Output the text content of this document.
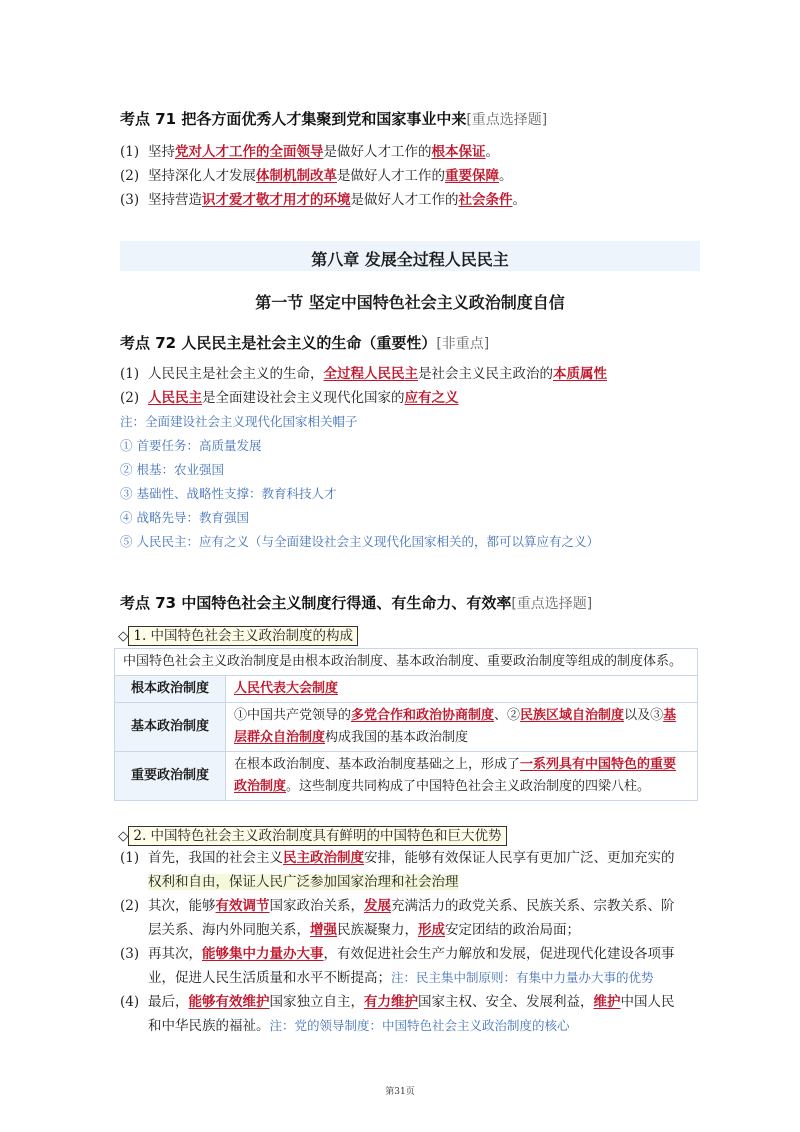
考点 71 把各方面优秀人才集聚到党和国家事业中来[重点选择题]
(1) 坚持党对人才工作的全面领导是做好人才工作的根本保证。
(2) 坚持深化人才发展体制机制改革是做好人才工作的重要保障。
(3) 坚持营造识才爱才敬才用才的环境是做好人才工作的社会条件。
第八章 发展全过程人民民主
第一节 坚定中国特色社会主义政治制度自信
考点 72 人民民主是社会主义的生命（重要性）[非重点]
(1) 人民民主是社会主义的生命，全过程人民民主是社会主义民主政治的本质属性
(2) 人民民主是全面建设社会主义现代化国家的应有之义
注：全面建设社会主义现代化国家相关帽子
① 首要任务：高质量发展
② 根基：农业强国
③ 基础性、战略性支撑：教育科技人才
④ 战略先导：教育强国
⑤ 人民民主：应有之义（与全面建设社会主义现代化国家相关的，都可以算应有之义）
考点 73 中国特色社会主义制度行得通、有生命力、有效率[重点选择题]
◇ 1. 中国特色社会主义政治制度的构成
中国特色社会主义政治制度是由根本政治制度、基本政治制度、重要政治制度等组成的制度体系。	
根本政治制度	人民代表大会制度
基本政治制度	①中国共产党领导的多党合作和政治协商制度、②民族区域自治制度以及③基层群众自治制度构成我国的基本政治制度
重要政治制度	在根本政治制度、基本政治制度基础之上，形成了一系列具有中国特色的重要政治制度。这些制度共同构成了中国特色社会主义政治制度的四梁八柱。
◇ 2. 中国特色社会主义政治制度具有鲜明的中国特色和巨大优势
(1) 首先，我国的社会主义民主政治制度安排，能够有效保证人民享有更加广泛、更加充实的
权利和自由，保证人民广泛参加国家治理和社会治理
(2) 其次，能够有效调节国家政治关系，发展充满活力的政党关系、民族关系、宗教关系、阶
层关系、海内外同胞关系，增强民族凝聚力，形成安定团结的政治局面；
(3) 再其次，能够集中力量办大事，有效促进社会生产力解放和发展，促进现代化建设各项事
业，促进人民生活质量和水平不断提高；注：民主集中制原则：有集中力量办大事的优势
(4) 最后，能够有效维护国家独立自主，有力维护国家主权、安全、发展利益，维护中国人民
和中华民族的福祉。注：党的领导制度：中国特色社会主义政治制度的核心
第31页
